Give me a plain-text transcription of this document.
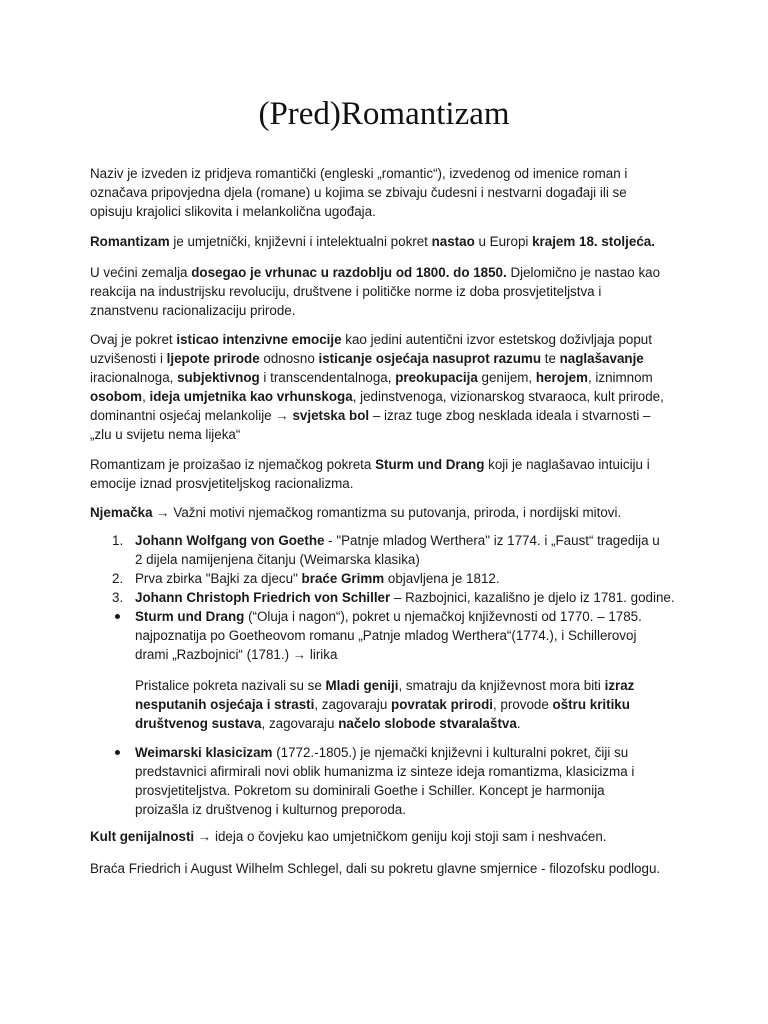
(Pred)Romantizam
Naziv je izveden iz pridjeva romantički (engleski „romantic“), izvedenog od imenice roman i
označava pripovjedna djela (romane) u kojima se zbivaju čudesni i nestvarni događaji ili se
opisuju krajolici slikovita i melankolična ugođaja.
Romantizam je umjetnički, književni i intelektualni pokret nastao u Europi krajem 18. stoljeća.
U većini zemalja dosegao je vrhunac u razdoblju od 1800. do 1850. Djelomično je nastao kao
reakcija na industrijsku revoluciju, društvene i političke norme iz doba prosvjetiteljstva i
znanstvenu racionalizaciju prirode.
Ovaj je pokret isticao intenzivne emocije kao jedini autentični izvor estetskog doživljaja poput
uzvišenosti i ljepote prirode odnosno isticanje osjećaja nasuprot razumu te naglašavanje
iracionalnoga, subjektivnog i transcendentalnoga, preokupacija genijem, herojem, iznimnom
osobom, ideja umjetnika kao vrhunskoga, jedinstvenoga, vizionarskog stvaraoca, kult prirode,
dominantni osjećaj melankolije → svjetska bol – izraz tuge zbog nesklada ideala i stvarnosti –
„zlu u svijetu nema lijeka“
Romantizam je proizašao iz njemačkog pokreta Sturm und Drang koji je naglašavao intuiciju i
emocije iznad prosvjetiteljskog racionalizma.
Njemačka → Važni motivi njemačkog romantizma su putovanja, priroda, i nordijski mitovi.
1. Johann Wolfgang von Goethe - "Patnje mladog Werthera" iz 1774. i „Faust“ tragedija u
2 dijela namijenjena čitanju (Weimarska klasika)
2. Prva zbirka "Bajki za djecu" braće Grimm objavljena je 1812.
3. Johann Christoph Friedrich von Schiller – Razbojnici, kazališno je djelo iz 1781. godine.
Sturm und Drang (“Oluja i nagon“), pokret u njemačkoj književnosti od 1770. – 1785.
najpoznatija po Goetheovom romanu „Patnje mladog Werthera“(1774.), i Schillerovoj
drami „Razbojnici“ (1781.) → lirika
Pristalice pokreta nazivali su se Mladi geniji, smatraju da književnost mora biti izraz
nesputanih osjećaja i strasti, zagovaraju povratak prirodi, provode oštru kritiku
društvenog sustava, zagovaraju načelo slobode stvaralaštva.
Weimarski klasicizam (1772.-1805.) je njemački književni i kulturalni pokret, čiji su
predstavnici afirmirali novi oblik humanizma iz sinteze ideja romantizma, klasicizma i
prosvjetiteljstva. Pokretom su dominirali Goethe i Schiller. Koncept je harmonija
proizašla iz društvenog i kulturnog preporoda.
Kult genijalnosti → ideja o čovjeku kao umjetničkom geniju koji stoji sam i neshvaćen.
Braća Friedrich i August Wilhelm Schlegel, dali su pokretu glavne smjernice - filozofsku podlogu.
